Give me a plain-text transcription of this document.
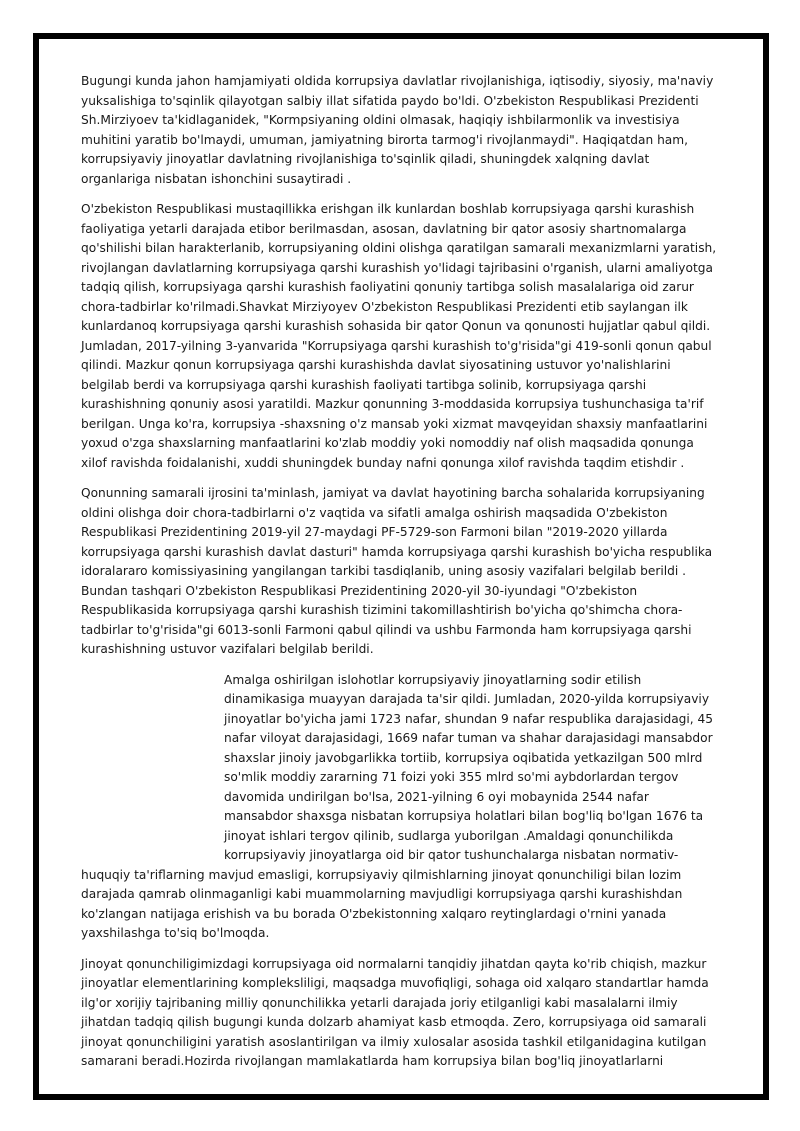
Bugungi kunda jahon hamjamiyati oldida korrupsiya davlatlar rivojlanishiga, iqtisodiy, siyosiy, ma'naviy yuksalishiga to'sqinlik qilayotgan salbiy illat sifatida paydo bo'ldi. O'zbekiston Respublikasi Prezidenti Sh.Mirziyoev ta'kidlaganidek, "Kormpsiyaning oldini olmasak, haqiqiy ishbilarmonlik va investisiya muhitini yaratib bo'lmaydi, umuman, jamiyatning birorta tarmog'i rivojlanmaydi". Haqiqatdan ham, korrupsiyaviy jinoyatlar davlatning rivojlanishiga to'sqinlik qiladi, shuningdek xalqning davlat organlariga nisbatan ishonchini susaytiradi .

O'zbekiston Respublikasi mustaqillikka erishgan ilk kunlardan boshlab korrupsiyaga qarshi kurashish faoliyatiga yetarli darajada etibor berilmasdan, asosan, davlatning bir qator asosiy shartnomalarga qo'shilishi bilan harakterlanib, korrupsiyaning oldini olishga qaratilgan samarali mexanizmlarni yaratish, rivojlangan davlatlarning korrupsiyaga qarshi kurashish yo'lidagi tajribasini o'rganish, ularni amaliyotga tadqiq qilish, korrupsiyaga qarshi kurashish faoliyatini qonuniy tartibga solish masalalariga oid zarur chora-tadbirlar ko'rilmadi.Shavkat Mirziyoyev O'zbekiston Respublikasi Prezidenti etib saylangan ilk kunlardanoq korrupsiyaga qarshi kurashish sohasida bir qator Qonun va qonunosti hujjatlar qabul qildi. Jumladan, 2017-yilning 3-yanvarida "Korrupsiyaga qarshi kurashish to'g'risida"gi 419-sonli qonun qabul qilindi. Mazkur qonun korrupsiyaga qarshi kurashishda davlat siyosatining ustuvor yo'nalishlarini belgilab berdi va korrupsiyaga qarshi kurashish faoliyati tartibga solinib, korrupsiyaga qarshi kurashishning qonuniy asosi yaratildi. Mazkur qonunning 3-moddasida korrupsiya tushunchasiga ta'rif berilgan. Unga ko'ra, korrupsiya -shaxsning o'z mansab yoki xizmat mavqeyidan shaxsiy manfaatlarini yoxud o'zga shaxslarning manfaatlarini ko'zlab moddiy yoki nomoddiy naf olish maqsadida qonunga xilof ravishda foidalanishi, xuddi shuningdek bunday nafni qonunga xilof ravishda taqdim etishdir .

Qonunning samarali ijrosini ta'minlash, jamiyat va davlat hayotining barcha sohalarida korrupsiyaning oldini olishga doir chora-tadbirlarni o'z vaqtida va sifatli amalga oshirish maqsadida O'zbekiston Respublikasi Prezidentining 2019-yil 27-maydagi PF-5729-son Farmoni bilan "2019-2020 yillarda korrupsiyaga qarshi kurashish davlat dasturi" hamda korrupsiyaga qarshi kurashish bo'yicha respublika idoralararo komissiyasining yangilangan tarkibi tasdiqlanib, uning asosiy vazifalari belgilab berildi . Bundan tashqari O'zbekiston Respublikasi Prezidentining 2020-yil 30-iyundagi "O'zbekiston Respublikasida korrupsiyaga qarshi kurashish tizimini takomillashtirish bo'yicha qo'shimcha chora-tadbirlar to'g'risida"gi 6013-sonli Farmoni qabul qilindi va ushbu Farmonda ham korrupsiyaga qarshi kurashishning ustuvor vazifalari belgilab berildi.

Amalga oshirilgan islohotlar korrupsiyaviy jinoyatlarning sodir etilish dinamikasiga muayyan darajada ta'sir qildi. Jumladan, 2020-yilda korrupsiyaviy jinoyatlar bo'yicha jami 1723 nafar, shundan 9 nafar respublika darajasidagi, 45 nafar viloyat darajasidagi, 1669 nafar tuman va shahar darajasidagi mansabdor shaxslar jinoiy javobgarlikka tortiib, korrupsiya oqibatida yetkazilgan 500 mlrd so'mlik moddiy zararning 71 foizi yoki 355 mlrd so'mi aybdorlardan tergov davomida undirilgan bo'lsa, 2021-yilning 6 oyi mobaynida 2544 nafar mansabdor shaxsga nisbatan korrupsiya holatlari bilan bog'liq bo'lgan 1676 ta jinoyat ishlari tergov qilinib, sudlarga yuborilgan .Amaldagi qonunchilikda korrupsiyaviy jinoyatlarga oid bir qator tushunchalarga nisbatan normativ-huquqiy ta'riflarning mavjud emasligi, korrupsiyaviy qilmishlarning jinoyat qonunchiligi bilan lozim darajada qamrab olinmaganligi kabi muammolarning mavjudligi korrupsiyaga qarshi kurashishdan ko'zlangan natijaga erishish va bu borada O'zbekistonning xalqaro reytinglardagi o'rnini yanada yaxshilashga to'siq bo'lmoqda.

Jinoyat qonunchiligimizdagi korrupsiyaga oid normalarni tanqidiy jihatdan qayta ko'rib chiqish, mazkur jinoyatlar elementlarining kompleksliligi, maqsadga muvofiqligi, sohaga oid xalqaro standartlar hamda ilg'or xorijiy tajribaning milliy qonunchilikka yetarli darajada joriy etilganligi kabi masalalarni ilmiy jihatdan tadqiq qilish bugungi kunda dolzarb ahamiyat kasb etmoqda. Zero, korrupsiyaga oid samarali jinoyat qonunchiligini yaratish asoslantirilgan va ilmiy xulosalar asosida tashkil etilganidagina kutilgan samarani beradi.Hozirda rivojlangan mamlakatlarda ham korrupsiya bilan bog'liq jinoyatlarlarni
